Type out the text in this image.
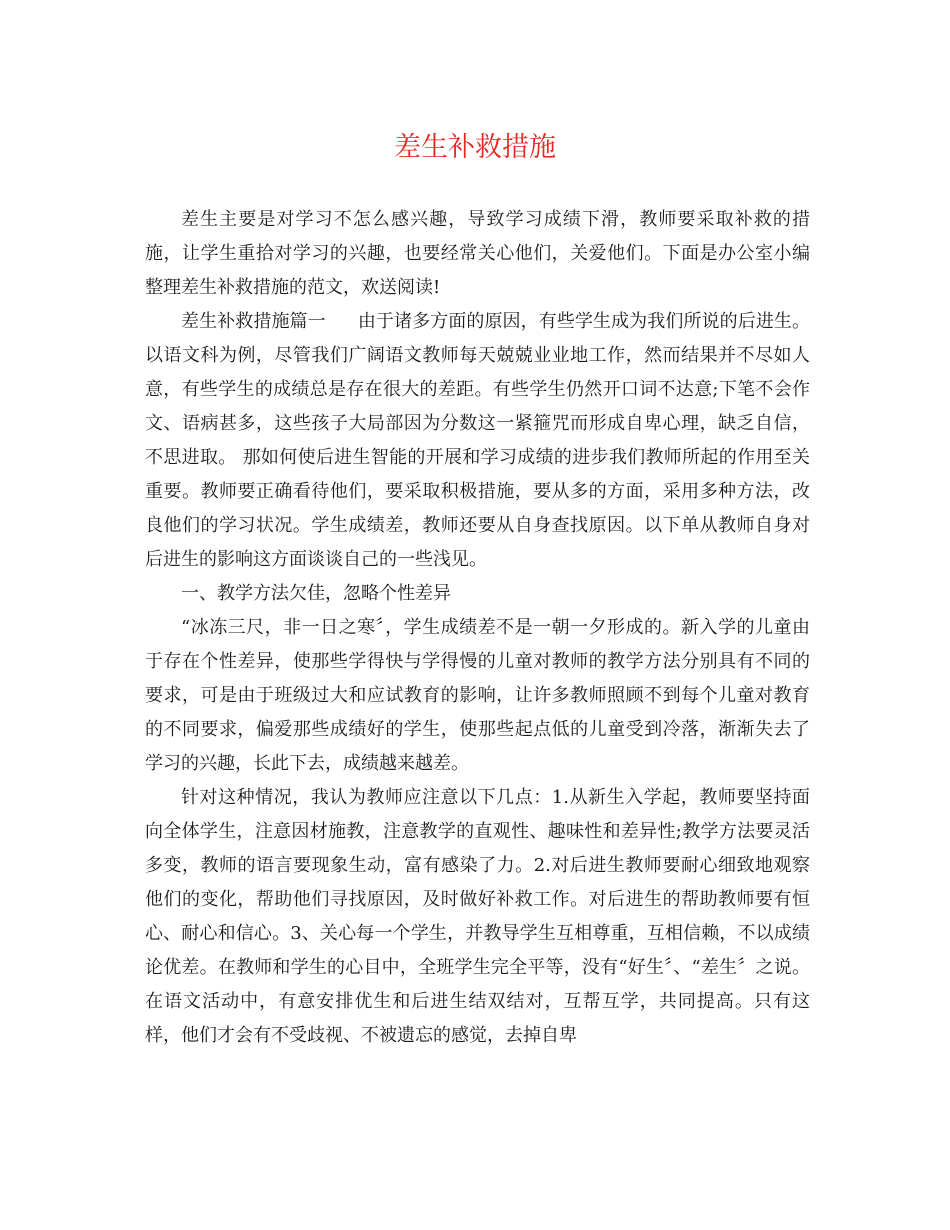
差生补救措施

差生主要是对学习不怎么感兴趣，导致学习成绩下滑，教师要采取补救的措施，让学生重拾对学习的兴趣，也要经常关心他们，关爱他们。下面是办公室小编整理差生补救措施的范文，欢送阅读!

差生补救措施篇一 由于诸多方面的原因，有些学生成为我们所说的后进生。以语文科为例，尽管我们广阔语文教师每天兢兢业业地工作，然而结果并不尽如人意，有些学生的成绩总是存在很大的差距。有些学生仍然开口词不达意;下笔不会作文、语病甚多，这些孩子大局部因为分数这一紧箍咒而形成自卑心理，缺乏自信，不思进取。 那如何使后进生智能的开展和学习成绩的进步我们教师所起的作用至关重要。教师要正确看待他们，要采取积极措施，要从多的方面，采用多种方法，改良他们的学习状况。学生成绩差，教师还要从自身查找原因。以下单从教师自身对后进生的影响这方面谈谈自己的一些浅见。

一、教学方法欠佳，忽略个性差异

“冰冻三尺，非一日之寒〞，学生成绩差不是一朝一夕形成的。新入学的儿童由于存在个性差异，使那些学得快与学得慢的儿童对教师的教学方法分别具有不同的要求，可是由于班级过大和应试教育的影响，让许多教师照顾不到每个儿童对教育的不同要求，偏爱那些成绩好的学生，使那些起点低的儿童受到冷落，渐渐失去了学习的兴趣，长此下去，成绩越来越差。

针对这种情况，我认为教师应注意以下几点：1.从新生入学起，教师要坚持面向全体学生，注意因材施教，注意教学的直观性、趣味性和差异性;教学方法要灵活多变，教师的语言要现象生动，富有感染了力。2.对后进生教师要耐心细致地观察他们的变化，帮助他们寻找原因，及时做好补救工作。对后进生的帮助教师要有恒心、耐心和信心。3、关心每一个学生，并教导学生互相尊重，互相信赖，不以成绩论优差。在教师和学生的心目中，全班学生完全平等，没有“好生〞、“差生〞之说。在语文活动中，有意安排优生和后进生结双结对，互帮互学，共同提高。只有这样，他们才会有不受歧视、不被遗忘的感觉，去掉自卑
